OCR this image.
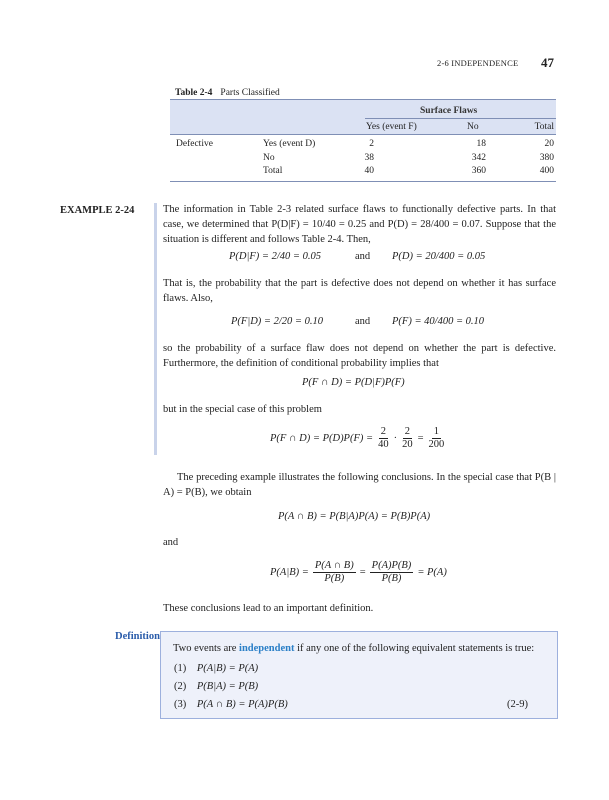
2-6 INDEPENDENCE 47
Table 2-4 Parts Classified
Surface Flaws
Yes (event F)	No	Total
Defective	Yes (event D)	2	18	20
No	38	342	380
Total	40	360	400
EXAMPLE 2-24	The information in Table 2-3 related surface flaws to functionally defective parts. In that case, we determined that P(D|F) = 10/40 = 0.25 and P(D) = 28/400 = 0.07. Suppose that the situation is different and follows Table 2-4. Then,

P(D|F) = 2/40 = 0.05	and P(D) = 20/400 = 0.05

That is, the probability that the part is defective does not depend on whether it has surface flaws. Also,

P(F|D) = 2/20 = 0.10	and P(F) = 40/400 = 0.10

so the probability of a surface flaw does not depend on whether the part is defective. Furthermore, the definition of conditional probability implies that

P(F ∩ D) = P(D|F)P(F)

but in the special case of this problem

P(F ∩ $D) = P(D)P(F) = \frac{2}{40} \cdot \frac{2}{20} = \frac{1}{200}$

The preceding example illustrates the following conclusions. In the special case that P(B | A) = P(B), we obtain

P(A ∩ B) = P(B|A)P(A) = P(B)P(A)
and
$P(A|B) = \frac{P(A \cap B)}{P(B)} = \frac{P(A)P(B)}{P(B)} = P(A)$

These conclusions lead to an important definition.

Definition
Two events are independent if any one of the following equivalent statements is true:
(1) P(A|B) = P(A)
(2) P(B|A) = P(B)
(3) P(A ∩ B) = P(A)P(B)	(2-9)
